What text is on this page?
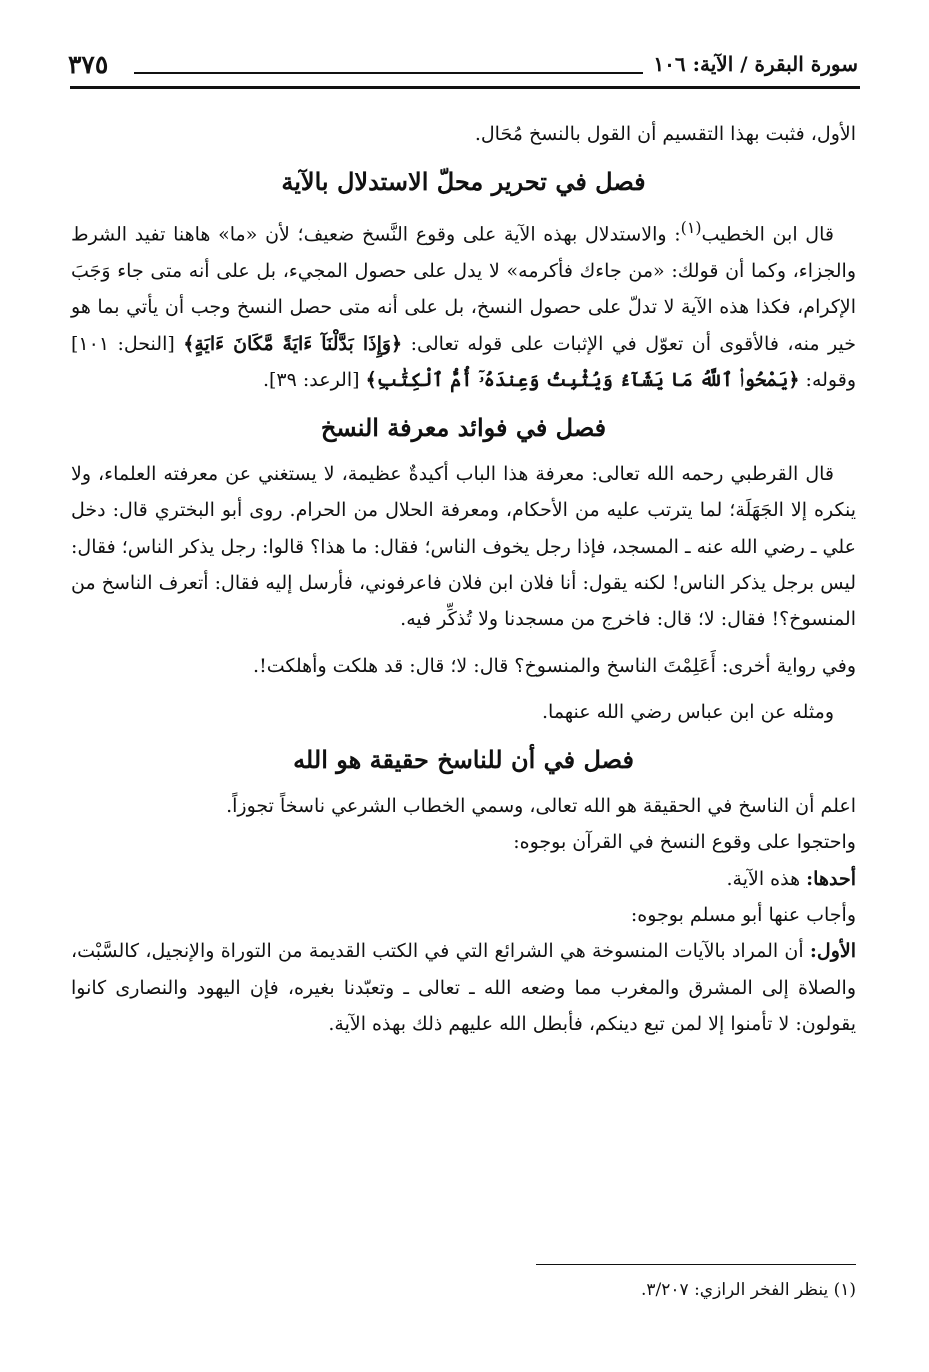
سورة البقرة / الآية: ١٠٦
٣٧٥

الأول، فثبت بهذا التقسيم أن القول بالنسخ مُحَال.

فصل في تحرير محلّ الاستدلال بالآية

قال ابن الخطيب$^{(١)}$: والاستدلال بهذه الآية على وقوع النَّسخ ضعيف؛ لأن «ما» هاهنا تفيد الشرط والجزاء، وكما أن قولك: «من جاءك فأكرمه» لا يدل على حصول المجيء، بل على أنه متى جاء وَجَبَ الإكرام، فكذا هذه الآية لا تدلّ على حصول النسخ، بل على أنه متى حصل النسخ وجب أن يأتي بما هو خير منه، فالأقوى أن تعوّل في الإثبات على قوله تعالى: ﴿وَإِذَا بَدَّلْنَآ ءَايَةً مَّكَانَ ءَايَةٍ﴾ [النحل: ١٠١] وقوله: ﴿يَمْحُوا۟ ٱللَّهُ مَا يَشَآءُ وَيُثْبِتُ وَعِندَهُۥٓ أُمُّ ٱلْكِتَٰبِ﴾ [الرعد: ٣٩].

فصل في فوائد معرفة النسخ

قال القرطبي رحمه الله تعالى: معرفة هذا الباب أكيدةٌ عظيمة، لا يستغني عن معرفته العلماء، ولا ينكره إلا الجَهَلَة؛ لما يترتب عليه من الأحكام، ومعرفة الحلال من الحرام. روى أبو البختري قال: دخل علي ـ رضي الله عنه ـ المسجد، فإذا رجل يخوف الناس؛ فقال: ما هذا؟ قالوا: رجل يذكر الناس؛ فقال: ليس برجل يذكر الناس! لكنه يقول: أنا فلان ابن فلان فاعرفوني، فأرسل إليه فقال: أتعرف الناسخ من المنسوخ؟! فقال: لا؛ قال: فاخرج من مسجدنا ولا تُذكِّر فيه.

وفي رواية أخرى: أَعَلِمْتَ الناسخ والمنسوخ؟ قال: لا؛ قال: قد هلكت وأهلكت!.

ومثله عن ابن عباس رضي الله عنهما.

فصل في أن للناسخ حقيقة هو الله

اعلم أن الناسخ في الحقيقة هو الله تعالى، وسمي الخطاب الشرعي ناسخاً تجوزاً.

واحتجوا على وقوع النسخ في القرآن بوجوه:

أحدها: هذه الآية.

وأجاب عنها أبو مسلم بوجوه:

الأول: أن المراد بالآيات المنسوخة هي الشرائع التي في الكتب القديمة من التوراة والإنجيل، كالسَّبْت، والصلاة إلى المشرق والمغرب مما وضعه الله ـ تعالى ـ وتعبّدنا بغيره، فإن اليهود والنصارى كانوا يقولون: لا تأمنوا إلا لمن تبع دينكم، فأبطل الله عليهم ذلك بهذه الآية.

(١) ينظر الفخر الرازي: ٣/٢٠٧.
